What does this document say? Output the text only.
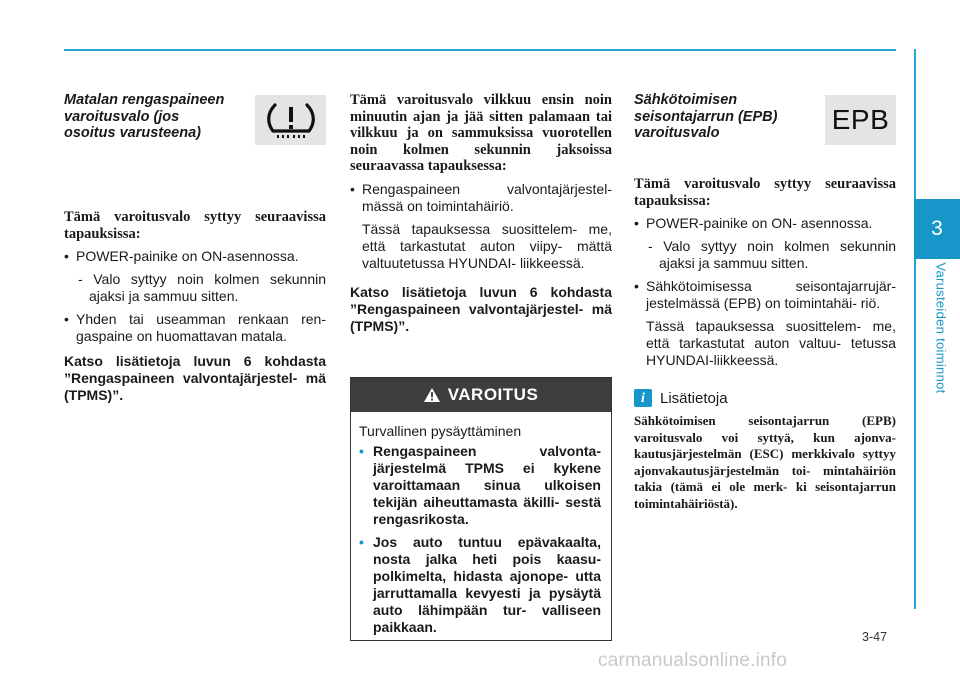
3
Varusteiden toiminnot
Matalan rengaspaineen varoitusvalo (jos osoitus varusteena)

Tämä varoitusvalo syttyy seuraavissa tapauksissa:

• POWER-painike on ON-asennossa.
- Valo syttyy noin kolmen sekunnin ajaksi ja sammuu sitten.
• Yhden tai useamman renkaan ren- gaspaine on huomattavan matala.

Katso lisätietoja luvun 6 kohdasta ”Rengaspaineen valvontajärjestel- mä (TPMS)”.

Tämä varoitusvalo vilkkuu ensin noin minuutin ajan ja jää sitten palamaan tai vilkkuu ja on sammuksissa vuorotellen noin kolmen sekunnin jaksoissa seuraavassa tapauksessa:

• Rengaspaineen valvontajärjestel- mässä on toimintahäiriö.
Tässä tapauksessa suosittelem- me, että tarkastutat auton viipy- mättä valtuutetussa HYUNDAI- liikkeessä.

Katso lisätietoja luvun 6 kohdasta ”Rengaspaineen valvontajärjestel- mä (TPMS)”.

VAROITUS

Turvallinen pysäyttäminen

• Rengaspaineen valvonta- järjestelmä TPMS ei kykene varoittamaan sinua ulkoisen tekijän aiheuttamasta äkilli- sestä rengasrikosta.

• Jos auto tuntuu epävakaalta, nosta jalka heti pois kaasu- polkimelta, hidasta ajonope- utta jarruttamalla kevyesti ja pysäytä auto lähimpään tur- valliseen paikkaan.

Sähkötoimisen seisontajarrun (EPB) varoitusvalo	EPB

Tämä varoitusvalo syttyy seuraavissa tapauksissa:

• POWER-painike on ON- asennossa.
- Valo syttyy noin kolmen sekunnin ajaksi ja sammuu sitten.
• Sähkötoimisessa seisontajarrujär- jestelmässä (EPB) on toimintahäi- riö.
Tässä tapauksessa suosittelem- me, että tarkastutat auton valtuu- tetussa HYUNDAI-liikkeessä.
i	Lisätietoja

Sähkötoimisen seisontajarrun (EPB) varoitusvalo voi syttyä, kun ajonva- kautusjärjestelmän (ESC) merkkivalo syttyy ajonvakautusjärjestelmän toi- mintahäiriön takia (tämä ei ole merk- ki seisontajarrun toimintahäiriöstä).

3-47
carmanualsonline.info
